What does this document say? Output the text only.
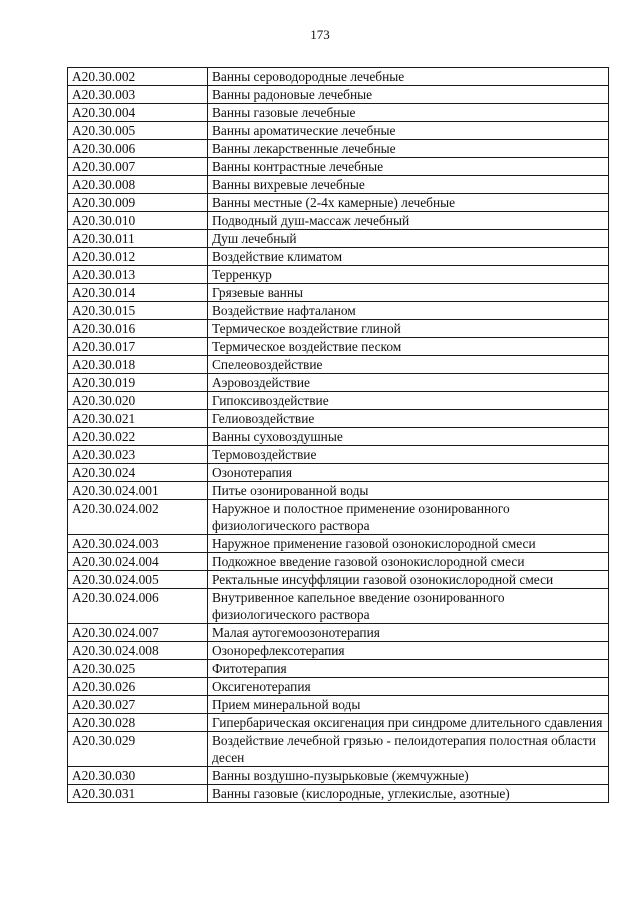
173
A20.30.002	Ванны сероводородные лечебные
A20.30.003	Ванны радоновые лечебные
A20.30.004	Ванны газовые лечебные
A20.30.005	Ванны ароматические лечебные
A20.30.006	Ванны лекарственные лечебные
A20.30.007	Ванны контрастные лечебные
A20.30.008	Ванны вихревые лечебные
A20.30.009	Ванны местные (2-4х камерные) лечебные
A20.30.010	Подводный душ-массаж лечебный
A20.30.011	Душ лечебный
A20.30.012	Воздействие климатом
A20.30.013	Терренкур
A20.30.014	Грязевые ванны
A20.30.015	Воздействие нафталаном
A20.30.016	Термическое воздействие глиной
A20.30.017	Термическое воздействие песком
A20.30.018	Спелеовоздействие
A20.30.019	Аэровоздействие
A20.30.020	Гипоксивоздействие
A20.30.021	Гелиовоздействие
A20.30.022	Ванны суховоздушные
A20.30.023	Термовоздействие
A20.30.024	Озонотерапия
A20.30.024.001	Питье озонированной воды
A20.30.024.002	Наружное и полостное применение озонированного физиологического раствора
A20.30.024.003	Наружное применение газовой озонокислородной смеси
A20.30.024.004	Подкожное введение газовой озонокислородной смеси
A20.30.024.005	Ректальные инсуффляции газовой озонокислородной смеси
A20.30.024.006	Внутривенное капельное введение озонированного физиологического раствора
A20.30.024.007	Малая аутогемоозонотерапия
A20.30.024.008	Озонорефлексотерапия
A20.30.025	Фитотерапия
A20.30.026	Оксигенотерапия
A20.30.027	Прием минеральной воды
A20.30.028	Гипербарическая оксигенация при синдроме длительного сдавления
A20.30.029	Воздействие лечебной грязью - пелоидотерапия полостная области десен
A20.30.030	Ванны воздушно-пузырьковые (жемчужные)
A20.30.031	Ванны газовые (кислородные, углекислые, азотные)
